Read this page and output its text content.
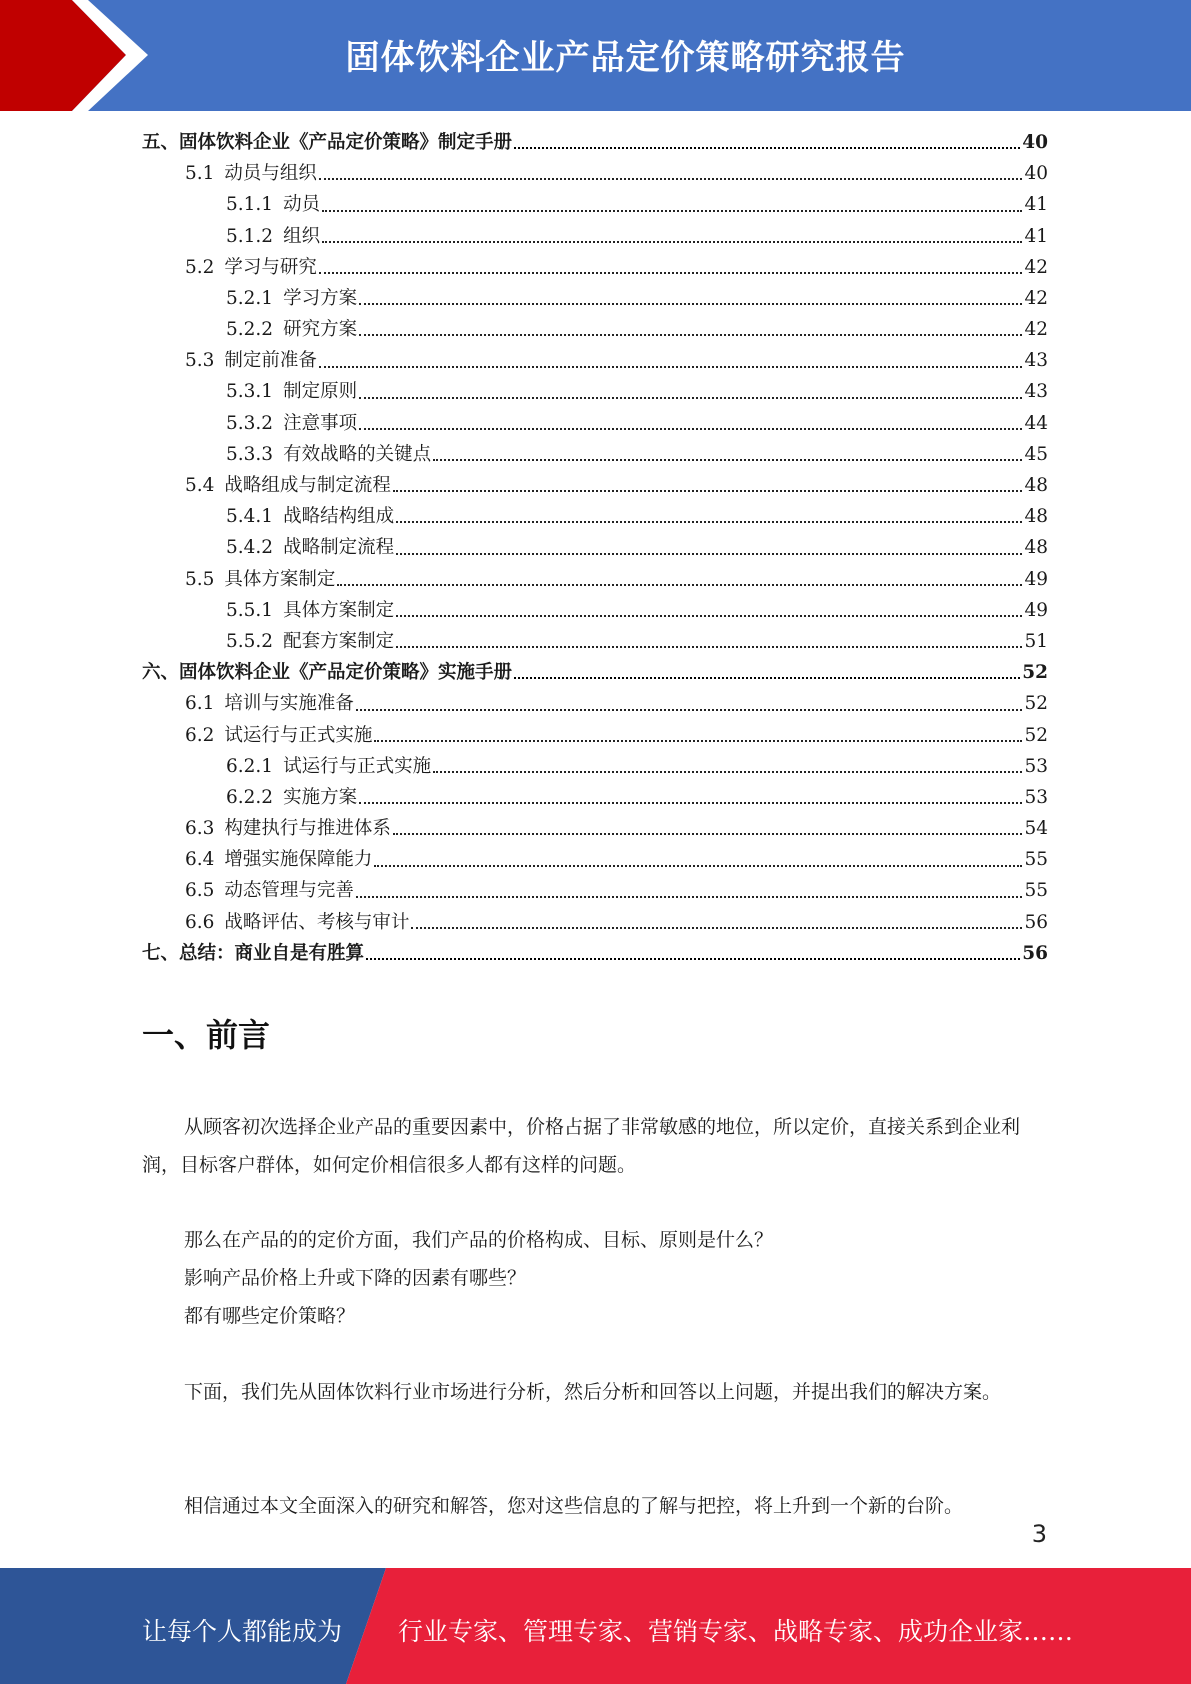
固体饮料企业产品定价策略研究报告
五、固体饮料企业《产品定价策略》制定手册	40
5.1 动员与组织	40
5.1.1 动员	41
5.1.2 组织	41
5.2 学习与研究	42
5.2.1 学习方案	42
5.2.2 研究方案	42
5.3 制定前准备	43
5.3.1 制定原则	43
5.3.2 注意事项	44
5.3.3 有效战略的关键点	45
5.4 战略组成与制定流程	48
5.4.1 战略结构组成	48
5.4.2 战略制定流程	48
5.5 具体方案制定	49
5.5.1 具体方案制定	49
5.5.2 配套方案制定	51
六、固体饮料企业《产品定价策略》实施手册	52
6.1 培训与实施准备	52
6.2 试运行与正式实施	52
6.2.1 试运行与正式实施	53
6.2.2 实施方案	53
6.3 构建执行与推进体系	54
6.4 增强实施保障能力	55
6.5 动态管理与完善	55
6.6 战略评估、考核与审计	56
七、总结：商业自是有胜算	56
一、前言
从顾客初次选择企业产品的重要因素中，价格占据了非常敏感的地位，所以定价，直接关系到企业利润，目标客户群体，如何定价相信很多人都有这样的问题。
那么在产品的的定价方面，我们产品的价格构成、目标、原则是什么？
影响产品价格上升或下降的因素有哪些？
都有哪些定价策略？
下面，我们先从固体饮料行业市场进行分析，然后分析和回答以上问题，并提出我们的解决方案。
相信通过本文全面深入的研究和解答，您对这些信息的了解与把控，将上升到一个新的台阶。
3
让每个人都能成为 行业专家、管理专家、营销专家、战略专家、成功企业家……
